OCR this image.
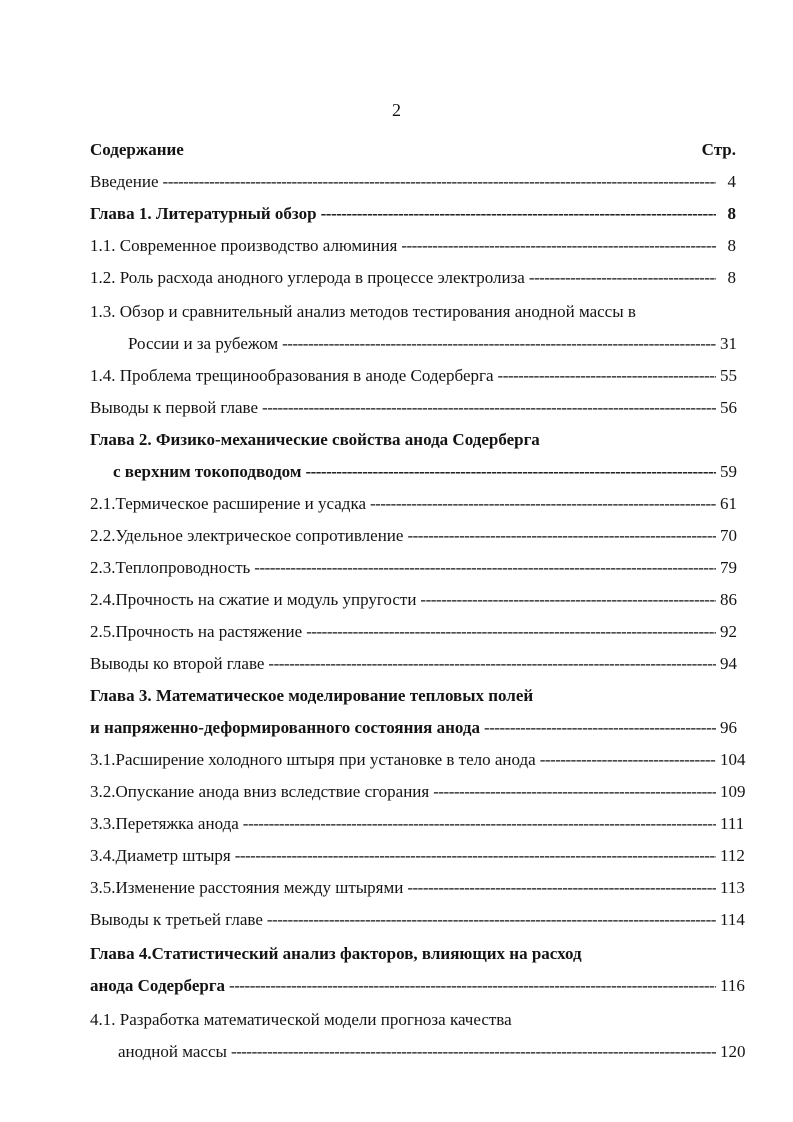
2
Содержание	Стр.
Введение -----	4
Глава 1. Литературный обзор -----	8
1.1. Современное производство алюминия -----	8
1.2. Роль расхода анодного углерода в процессе электролиза -----	8
1.3. Обзор и сравнительный анализ методов тестирования анодной массы в
России и за рубежом -----	31
1.4. Проблема трещинообразования в аноде Содерберга -----	55
Выводы к первой главе -----	56
Глава 2. Физико-механические свойства анода Содерберга
с верхним токоподводом -----	59
2.1. Термическое расширение и усадка -----	61
2.2. Удельное электрическое сопротивление -----	70
2.3. Теплопроводность -----	79
2.4. Прочность на сжатие и модуль упругости -----	86
2.5. Прочность на растяжение -----	92
Выводы ко второй главе -----	94
Глава 3. Математическое моделирование тепловых полей
и напряженно-деформированного состояния анода -----	96
3.1. Расширение холодного штыря при установке в тело анода -----	104
3.2. Опускание анода вниз вследствие сгорания -----	109
3.3. Перетяжка анода -----	111
3.4. Диаметр штыря -----	112
3.5. Изменение расстояния между штырями -----	113
Выводы к третьей главе -----	114
Глава 4.Статистический анализ факторов, влияющих на расход
анода Содерберга -----	116
4.1. Разработка математической модели прогноза качества
анодной массы -----	120
